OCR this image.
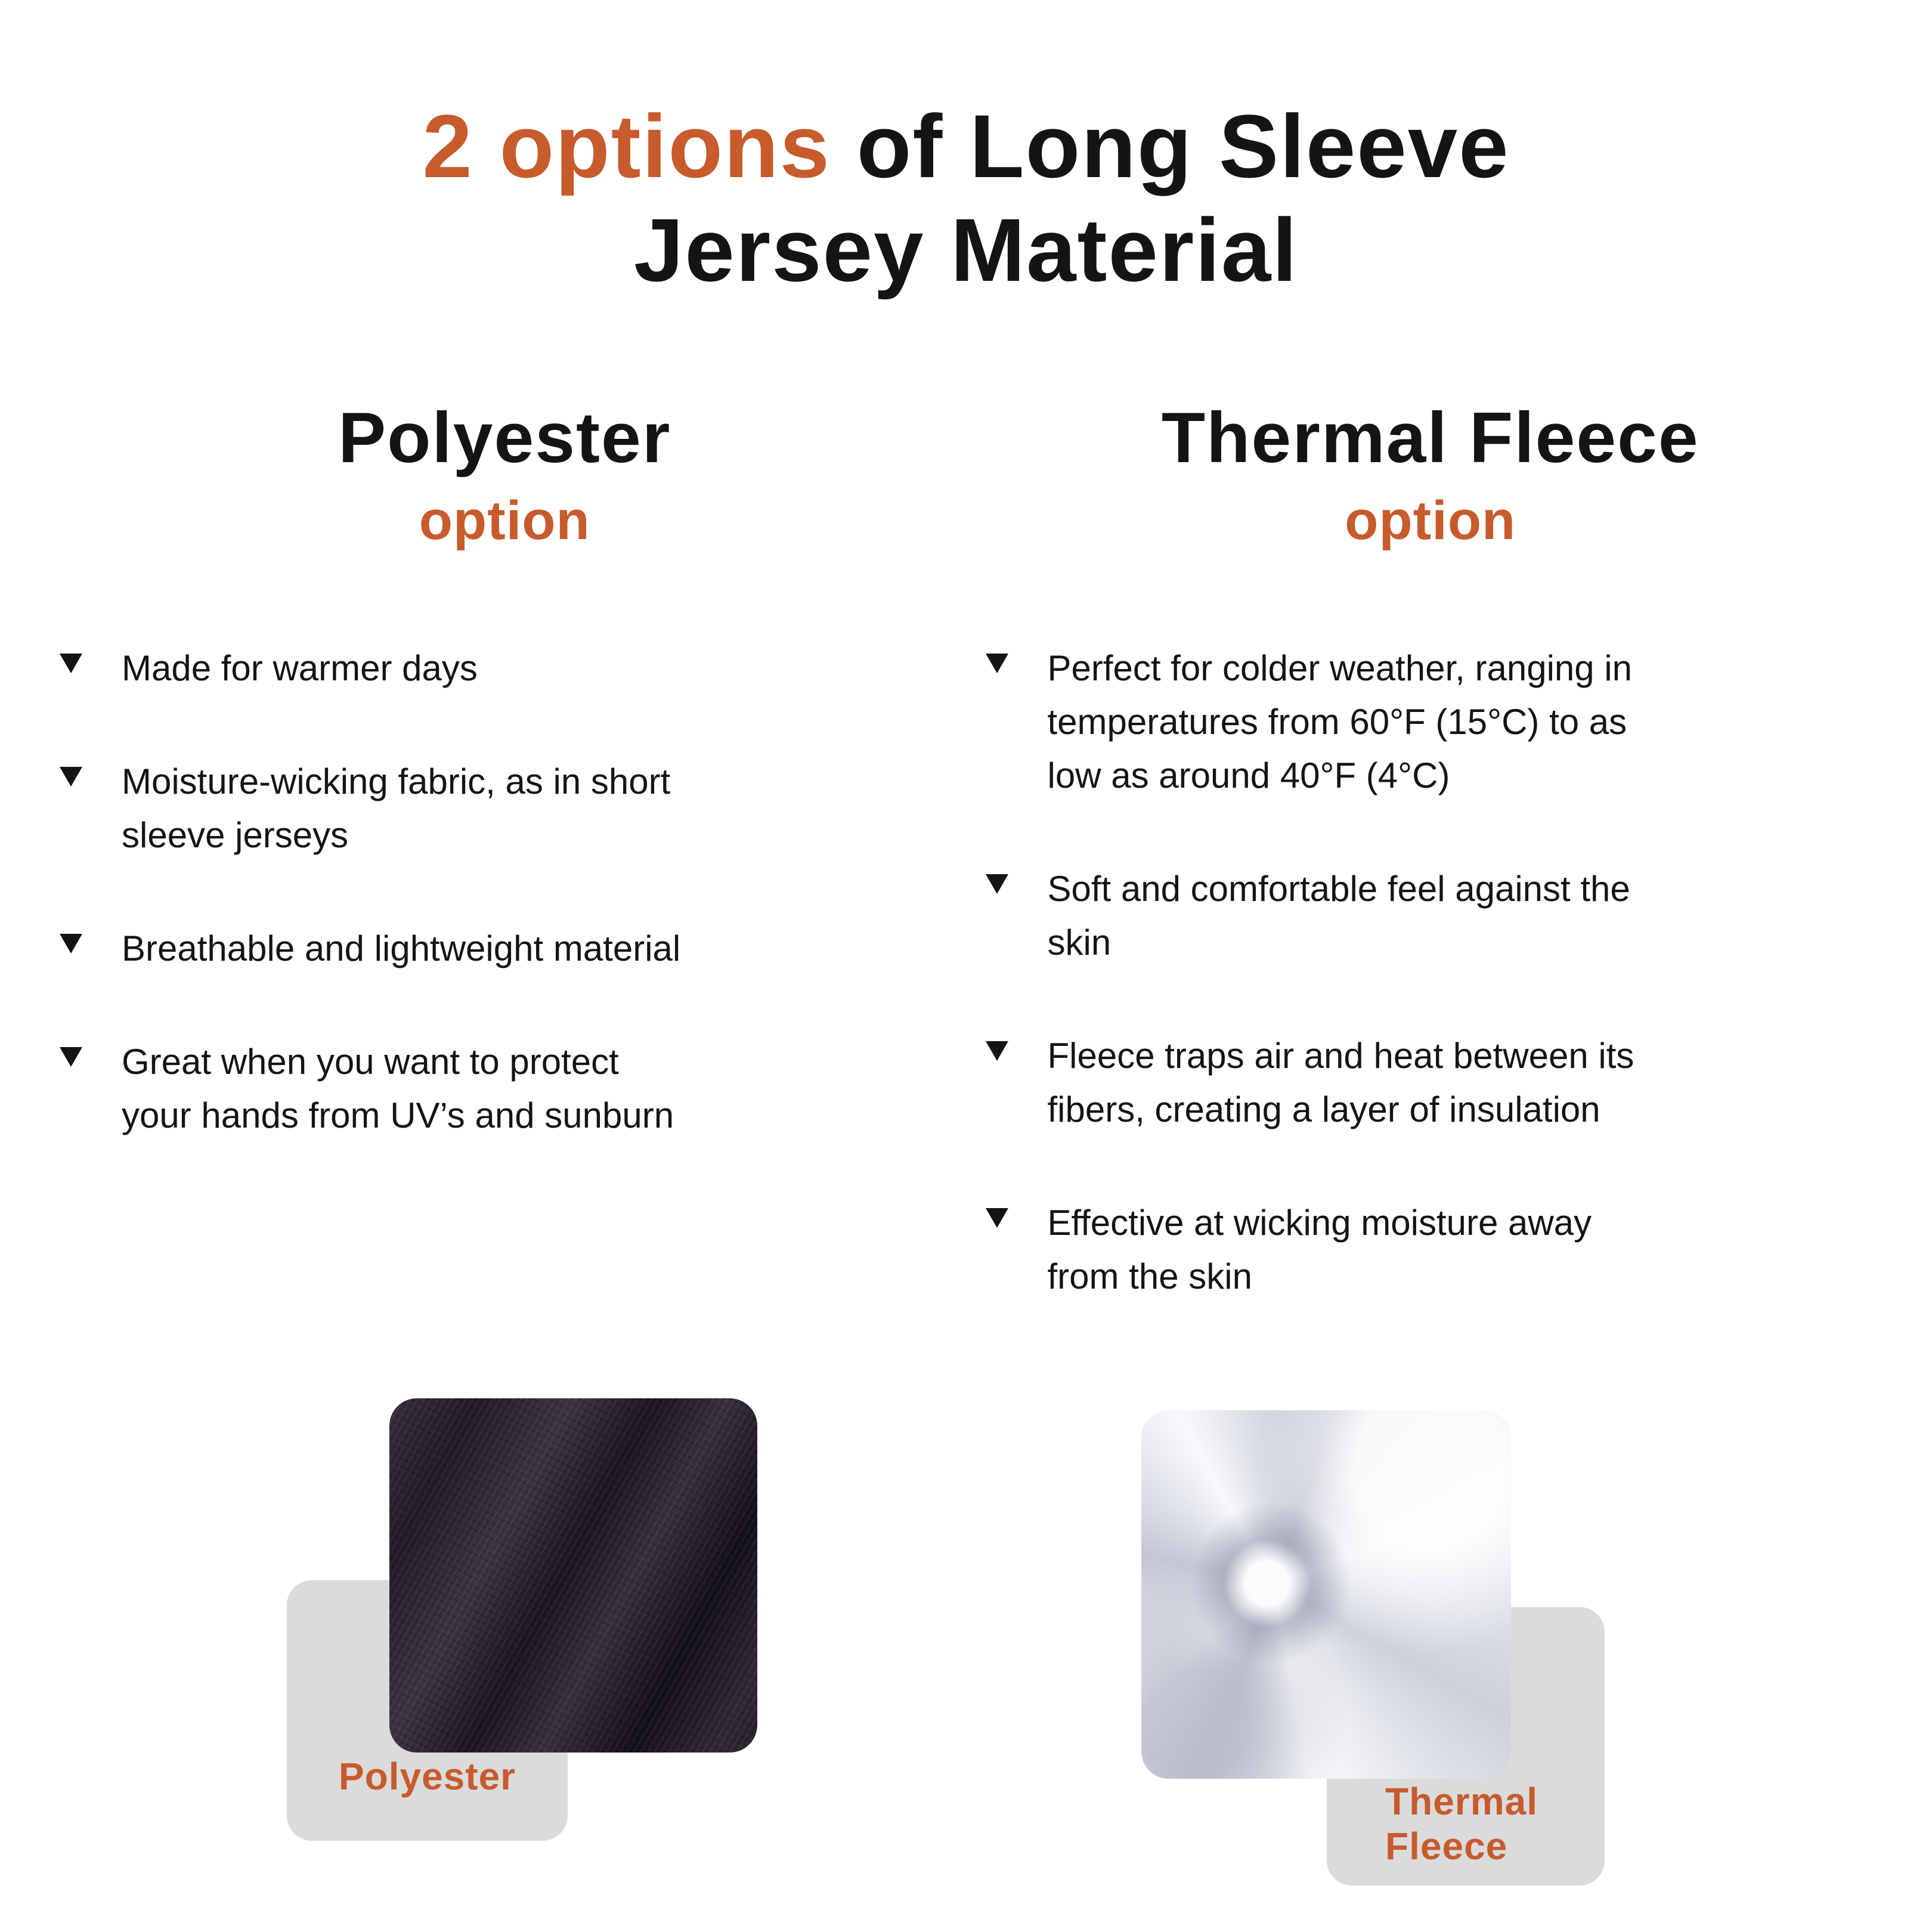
2 options of Long Sleeve
Jersey Material
Polyester
option

Made for warmer days

Moisture-wicking fabric, as in short sleeve jerseys

Breathable and lightweight material

Great when you want to protect your hands from UV’s and sunburn

Thermal Fleece
option

Perfect for colder weather, ranging in temperatures from 60°F (15°C) to as low as around 40°F (4°C)

Soft and comfortable feel against the skin

Fleece traps air and heat between its fibers, creating a layer of insulation

Effective at wicking moisture away from the skin

Polyester
Thermal
Fleece
